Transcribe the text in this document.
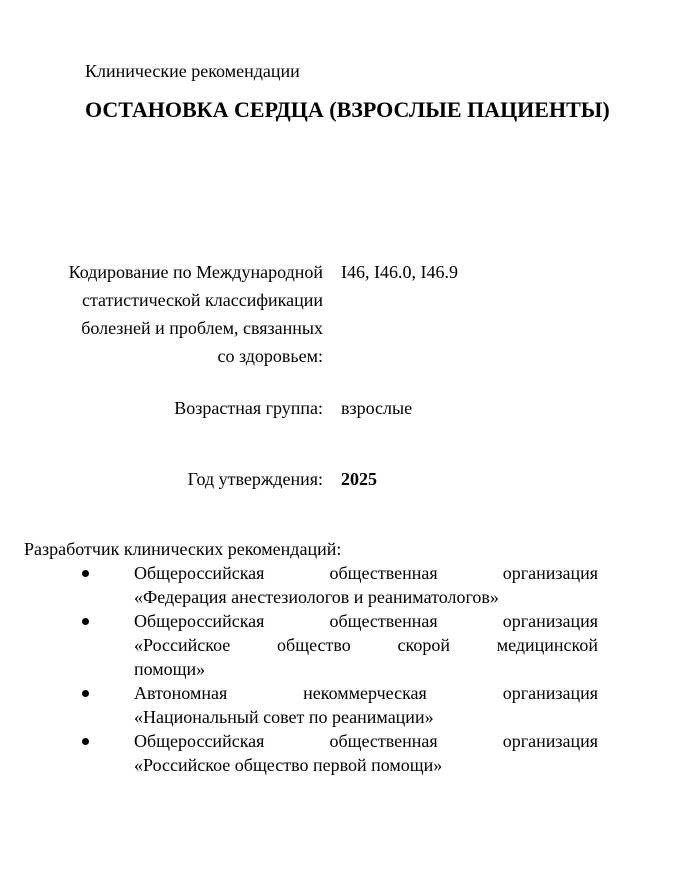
Клинические рекомендации
ОСТАНОВКА СЕРДЦА (ВЗРОСЛЫЕ ПАЦИЕНТЫ)
Кодирование по Международной
статистической классификации
болезней и проблем, связанных
со здоровьем:
I46, I46.0, I46.9
Возрастная группа: взрослые
Год утверждения: 2025
Разработчик клинических рекомендаций:
Общероссийская общественная организация
«Федерация анестезиологов и реаниматологов»
Общероссийская общественная организация
«Российское общество скорой медицинской
помощи»
Автономная некоммерческая организация
«Национальный совет по реанимации»
Общероссийская общественная организация
«Российское общество первой помощи»
